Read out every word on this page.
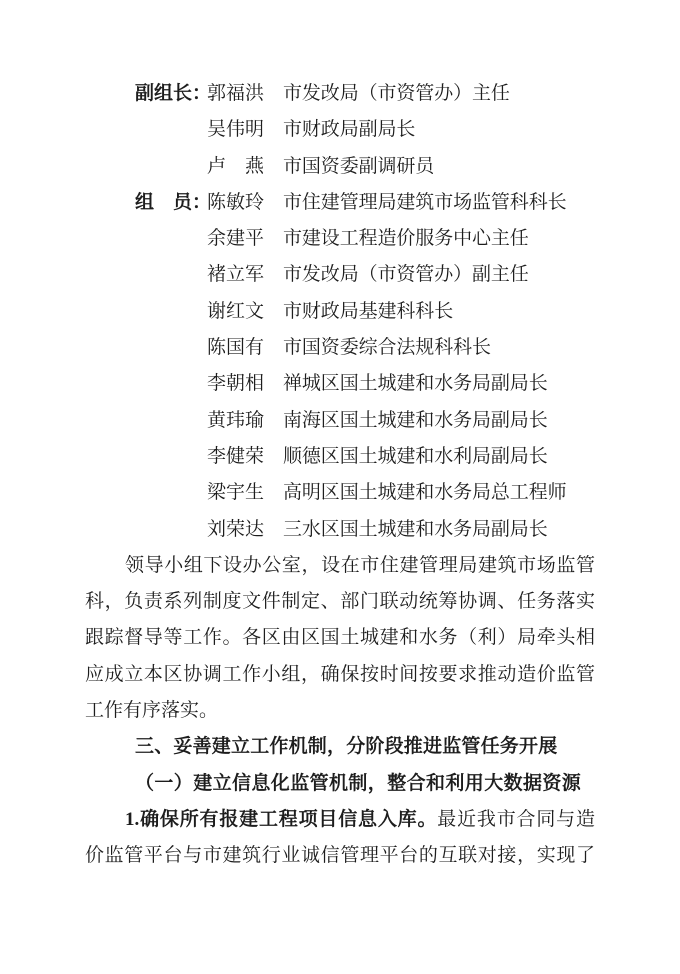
副组长：
郭福洪 市发改局（市资管办）主任
吴伟明 市财政局副局长
卢　燕 市国资委副调研员
组　员：
陈敏玲 市住建管理局建筑市场监管科科长
余建平 市建设工程造价服务中心主任
褚立军 市发改局（市资管办）副主任
谢红文 市财政局基建科科长
陈国有 市国资委综合法规科科长
李朝相 禅城区国土城建和水务局副局长
黄玮瑜 南海区国土城建和水务局副局长
李健荣 顺德区国土城建和水利局副局长
梁宇生 高明区国土城建和水务局总工程师
刘荣达 三水区国土城建和水务局副局长
领导小组下设办公室，设在市住建管理局建筑市场监管
科，负责系列制度文件制定、部门联动统筹协调、任务落实
跟踪督导等工作。各区由区国土城建和水务（利）局牵头相
应成立本区协调工作小组，确保按时间按要求推动造价监管
工作有序落实。
三、妥善建立工作机制，分阶段推进监管任务开展
（一）建立信息化监管机制，整合和利用大数据资源
1.确保所有报建工程项目信息入库。最近我市合同与造
价监管平台与市建筑行业诚信管理平台的互联对接，实现了
